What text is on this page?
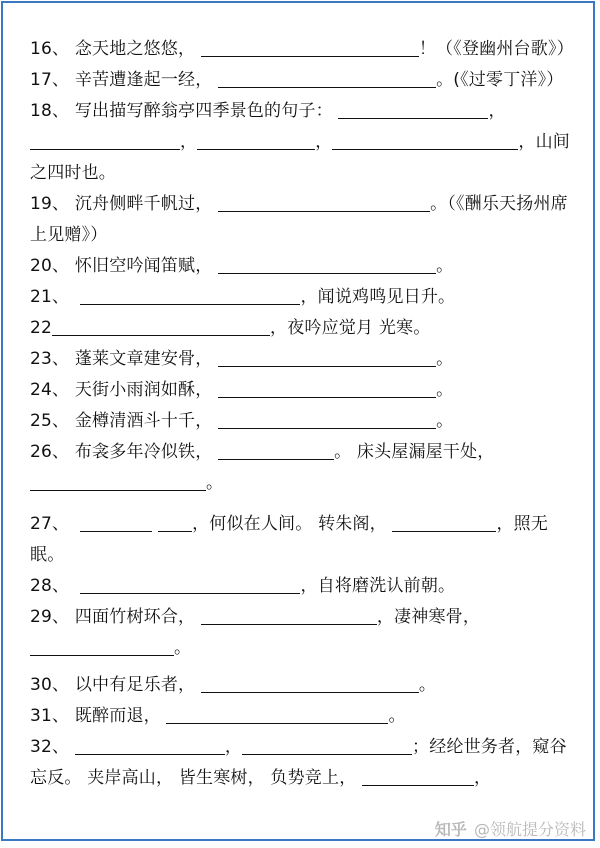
16、 念天地之悠悠，	！（《登幽州台歌》）

17、 辛苦遭逢起一经，	。(《过零丁洋》）

18、 写出描写醉翁亭四季景色的句子：	， ，	，	，山间之四时也。

19、 沉舟侧畔千帆过，	。（《酬乐天扬州席上见赠》）

20、 怀旧空吟闻笛赋，	。

21、	，闻说鸡鸣见日升。

22	，夜吟应觉月 光寒。

23、 蓬莱文章建安骨，	。

24、 天街小雨润如酥，	。

25、 金樽清酒斗十千，	。

26、 布衾多年冷似铁，	。 床头屋漏屋干处， 。

27、	，何似在人间。 转朱阁，	，照无眠。

28、	，自将磨洗认前朝。

29、 四面竹树环合，	，凄神寒骨， 。

30、 以中有足乐者，	。

31、 既醉而退，	。

32、	，	；经纶世务者，窥谷忘反。 夹岸高山， 皆生寒树， 负势竞上，	，

知乎 @领航提分资料
